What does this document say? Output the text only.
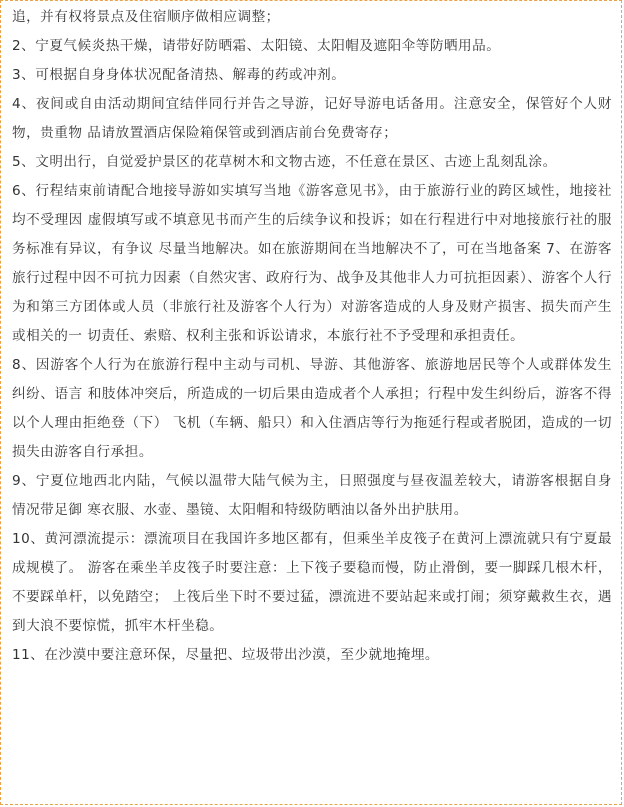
追，并有权将景点及住宿顺序做相应调整；

2、宁夏气候炎热干燥，请带好防晒霜、太阳镜、太阳帽及遮阳伞等防晒用品。

3、可根据自身身体状况配备清热、解毒的药或冲剂。

4、夜间或自由活动期间宜结伴同行并告之导游，记好导游电话备用。注意安全，保管好个人财物，贵重物 品请放置酒店保险箱保管或到酒店前台免费寄存；

5、文明出行，自觉爱护景区的花草树木和文物古迹，不任意在景区、古迹上乱刻乱涂。

6、行程结束前请配合地接导游如实填写当地《游客意见书》，由于旅游行业的跨区域性，地接社均不受理因 虚假填写或不填意见书而产生的后续争议和投诉；如在行程进行中对地接旅行社的服务标准有异议，有争议 尽量当地解决。如在旅游期间在当地解决不了，可在当地备案 7、在游客旅行过程中因不可抗力因素（自然灾害、政府行为、战争及其他非人力可抗拒因素）、游客个人行 为和第三方团体或人员（非旅行社及游客个人行为）对游客造成的人身及财产损害、损失而产生或相关的一 切责任、索赔、权利主张和诉讼请求，本旅行社不予受理和承担责任。

8、因游客个人行为在旅游行程中主动与司机、导游、其他游客、旅游地居民等个人或群体发生纠纷、语言 和肢体冲突后，所造成的一切后果由造成者个人承担；行程中发生纠纷后，游客不得以个人理由拒绝登（下） 飞机（车辆、船只）和入住酒店等行为拖延行程或者脱团，造成的一切损失由游客自行承担。

9、宁夏位地西北内陆，气候以温带大陆气候为主，日照强度与昼夜温差较大，请游客根据自身情况带足御 寒衣服、水壶、墨镜、太阳帽和特级防晒油以备外出护肤用。

10、黄河漂流提示：漂流项目在我国许多地区都有，但乘坐羊皮筏子在黄河上漂流就只有宁夏最成规模了。 游客在乘坐羊皮筏子时要注意：上下筏子要稳而慢，防止滑倒，要一脚踩几根木杆，不要踩单杆，以免踏空； 上筏后坐下时不要过猛，漂流进不要站起来或打闹；须穿戴救生衣，遇到大浪不要惊慌，抓牢木杆坐稳。

11、在沙漠中要注意环保，尽量把、垃圾带出沙漠，至少就地掩埋。
